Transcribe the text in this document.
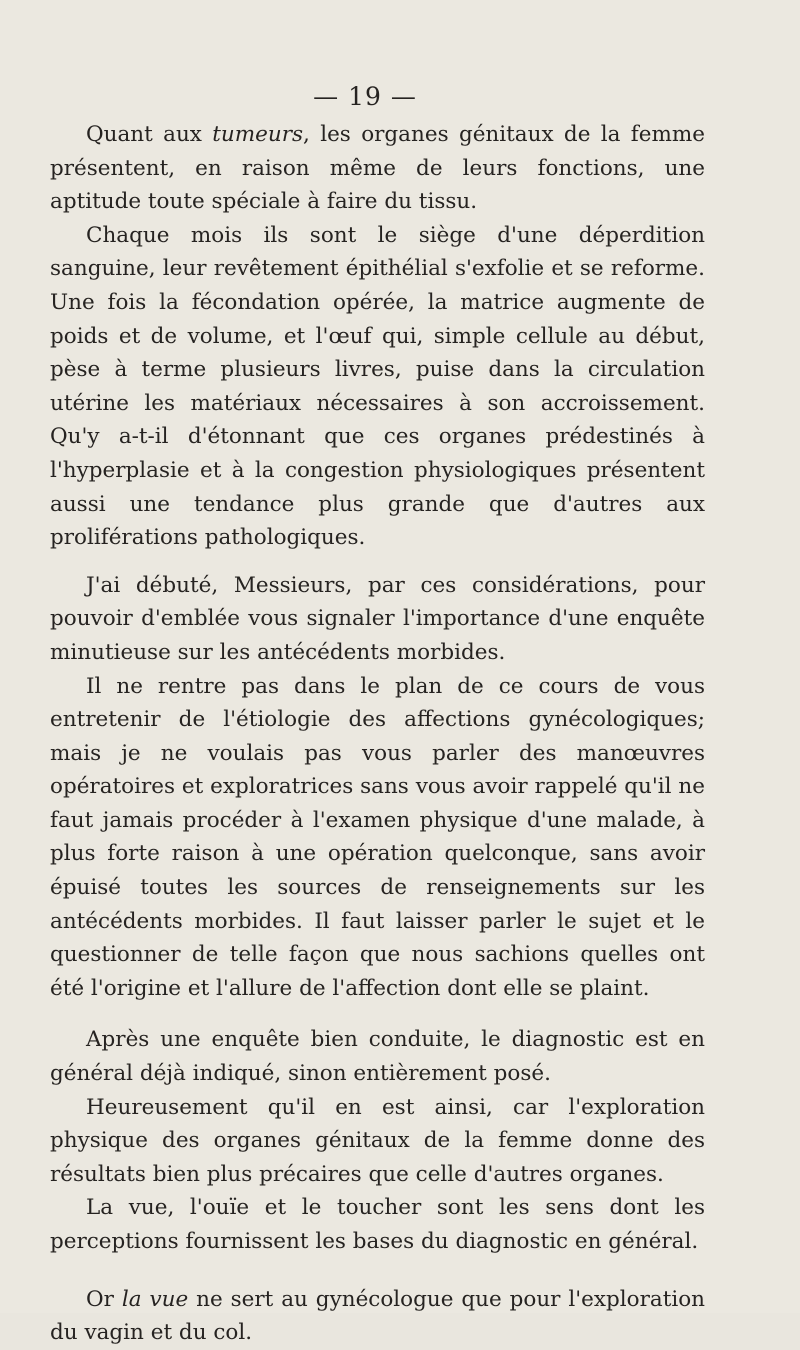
— 19 —

Quant aux tumeurs, les organes génitaux de la femme présentent, en raison même de leurs fonctions, une aptitude toute spéciale à faire du tissu.

Chaque mois ils sont le siège d'une déperdition sanguine, leur revêtement épithélial s'exfolie et se reforme. Une fois la fécondation opérée, la matrice augmente de poids et de volume, et l'œuf qui, simple cellule au début, pèse à terme plusieurs livres, puise dans la circulation utérine les matériaux nécessaires à son accroissement. Qu'y a-t-il d'étonnant que ces organes prédestinés à l'hyperplasie et à la congestion physiologiques présentent aussi une tendance plus grande que d'autres aux proliférations pathologiques.

J'ai débuté, Messieurs, par ces considérations, pour pouvoir d'emblée vous signaler l'importance d'une enquête minutieuse sur les antécédents morbides.

Il ne rentre pas dans le plan de ce cours de vous entretenir de l'étiologie des affections gynécologiques; mais je ne voulais pas vous parler des manœuvres opératoires et exploratrices sans vous avoir rappelé qu'il ne faut jamais procéder à l'examen physique d'une malade, à plus forte raison à une opération quelconque, sans avoir épuisé toutes les sources de renseignements sur les antécédents morbides. Il faut laisser parler le sujet et le questionner de telle façon que nous sachions quelles ont été l'origine et l'allure de l'affection dont elle se plaint.

Après une enquête bien conduite, le diagnostic est en général déjà indiqué, sinon entièrement posé.

Heureusement qu'il en est ainsi, car l'exploration physique des organes génitaux de la femme donne des résultats bien plus précaires que celle d'autres organes.

La vue, l'ouïe et le toucher sont les sens dont les perceptions fournissent les bases du diagnostic en général.

Or la vue ne sert au gynécologue que pour l'exploration du vagin et du col.
